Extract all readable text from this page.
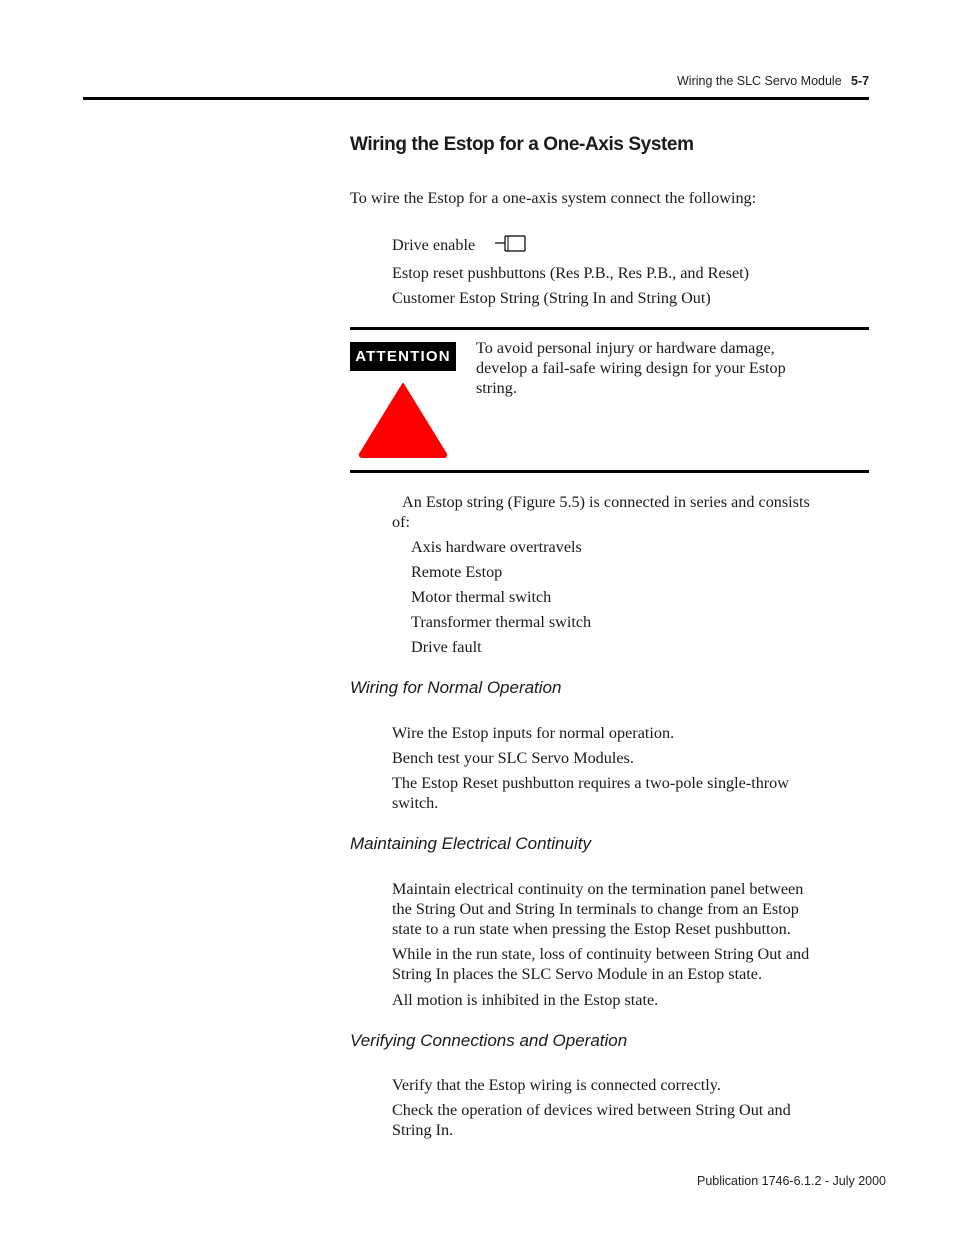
Wiring the SLC Servo Module 5-7
Wiring the Estop for a One-Axis System
To wire the Estop for a one-axis system connect the following:
Drive enable
Estop reset pushbuttons (Res P.B., Res P.B., and Reset)
Customer Estop String (String In and String Out)
ATTENTION	To avoid personal injury or hardware damage,
develop a fail-safe wiring design for your Estop
string.
An Estop string (Figure 5.5) is connected in series and consists
of:
Axis hardware overtravels
Remote Estop
Motor thermal switch
Transformer thermal switch
Drive fault
Wiring for Normal Operation
Wire the Estop inputs for normal operation.
Bench test your SLC Servo Modules.
The Estop Reset pushbutton requires a two-pole single-throw
switch.
Maintaining Electrical Continuity
Maintain electrical continuity on the termination panel between
the String Out and String In terminals to change from an Estop
state to a run state when pressing the Estop Reset pushbutton.
While in the run state, loss of continuity between String Out and
String In places the SLC Servo Module in an Estop state.
All motion is inhibited in the Estop state.
Verifying Connections and Operation
Verify that the Estop wiring is connected correctly.
Check the operation of devices wired between String Out and
String In.
Publication 1746-6.1.2 - July 2000
